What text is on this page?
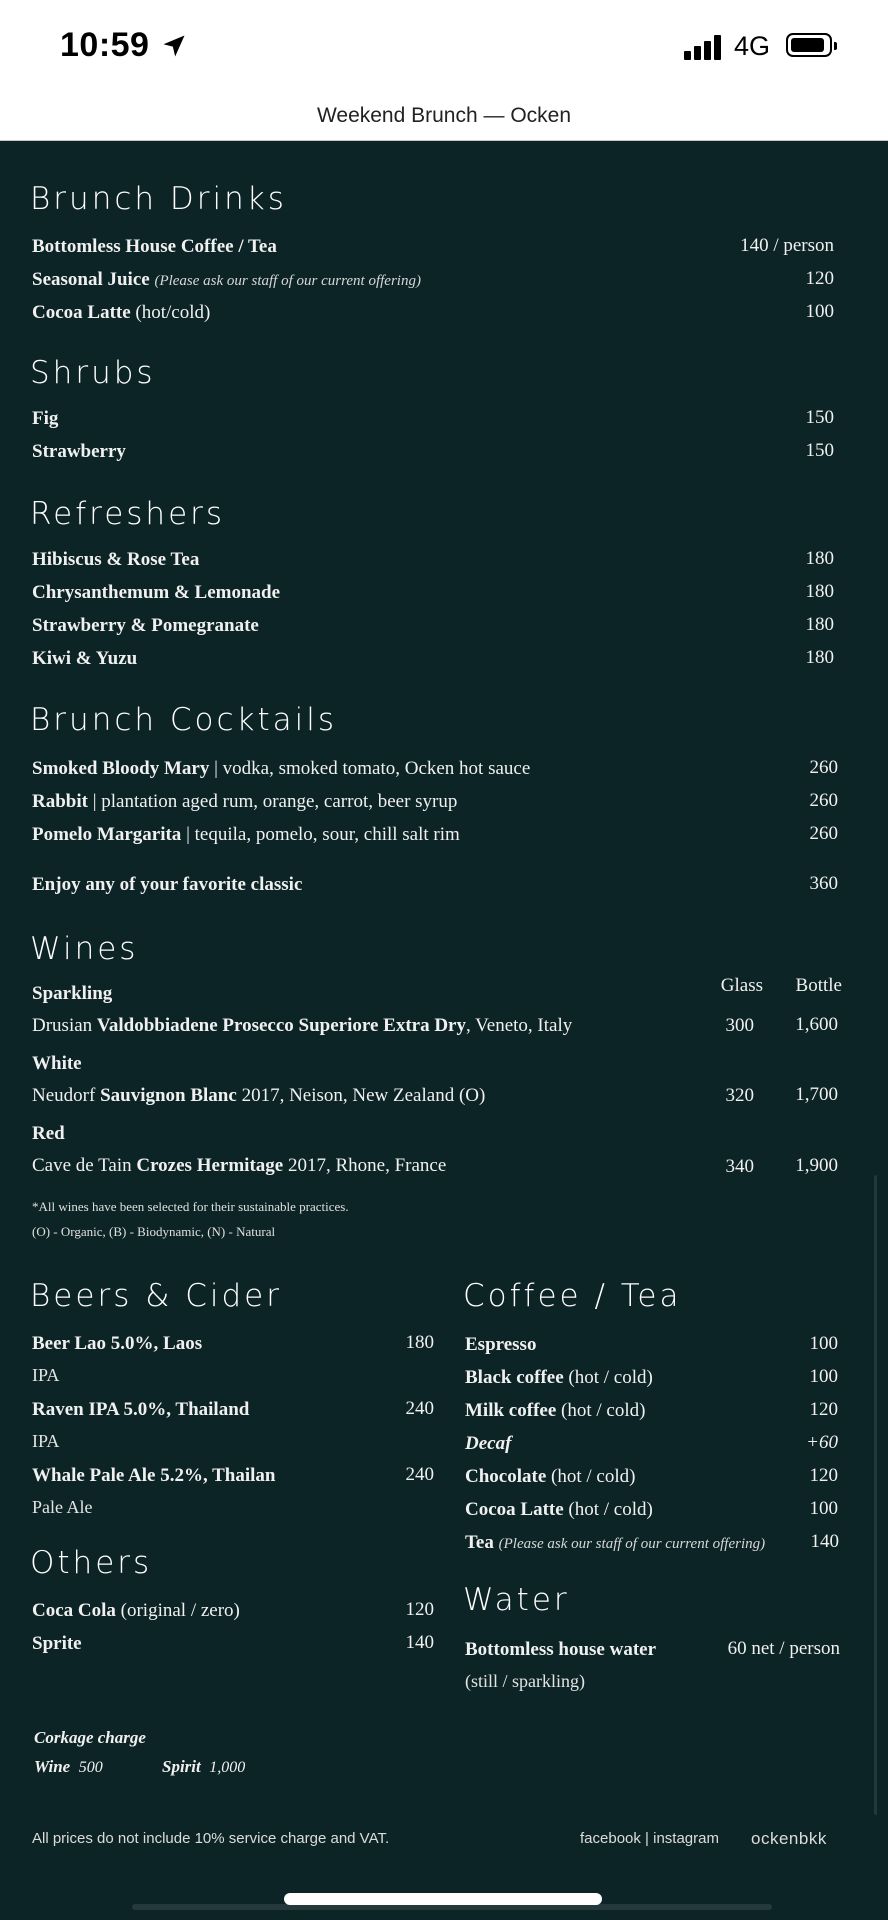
10:59	4G
Weekend Brunch — Ocken
Brunch Drinks
Bottomless House Coffee / Tea	140 / person
Seasonal Juice (Please ask our staff of our current offering)	120
Cocoa Latte (hot/cold)	100
Shrubs
Fig	150
Strawberry	150
Refreshers
Hibiscus & Rose Tea	180
Chrysanthemum & Lemonade	180
Strawberry & Pomegranate	180
Kiwi & Yuzu	180
Brunch Cocktails
Smoked Bloody Mary | vodka, smoked tomato, Ocken hot sauce	260
Rabbit | plantation aged rum, orange, carrot, beer syrup	260
Pomelo Margarita | tequila, pomelo, sour, chill salt rim	260
Enjoy any of your favorite classic	360
Wines
Glass Bottle
Sparkling
Drusian Valdobbiadene Prosecco Superiore Extra Dry, Veneto, Italy	300 1,600
White
Neudorf Sauvignon Blanc 2017, Neison, New Zealand (O)	320 1,700
Red
Cave de Tain Crozes Hermitage 2017, Rhone, France	340 1,900
*All wines have been selected for their sustainable practices.
(O) - Organic, (B) - Biodynamic, (N) - Natural
Beers & Cider
Beer Lao 5.0%, Laos	180
IPA
Raven IPA 5.0%, Thailand	240
IPA
Whale Pale Ale 5.2%, Thailan	240
Pale Ale
Others
Coca Cola (original / zero)	120
Sprite	140
Coffee / Tea
Espresso	100
Black coffee (hot / cold)	100
Milk coffee (hot / cold)	120
Decaf	+60
Chocolate (hot / cold)	120
Cocoa Latte (hot / cold)	100
Tea (Please ask our staff of our current offering) 140
Water
Bottomless house water	60 net / person
(still / sparkling)
Corkage charge
Wine 500	Spirit 1,000
All prices do not include 10% service charge and VAT.	facebook | instagram ockenbkk
